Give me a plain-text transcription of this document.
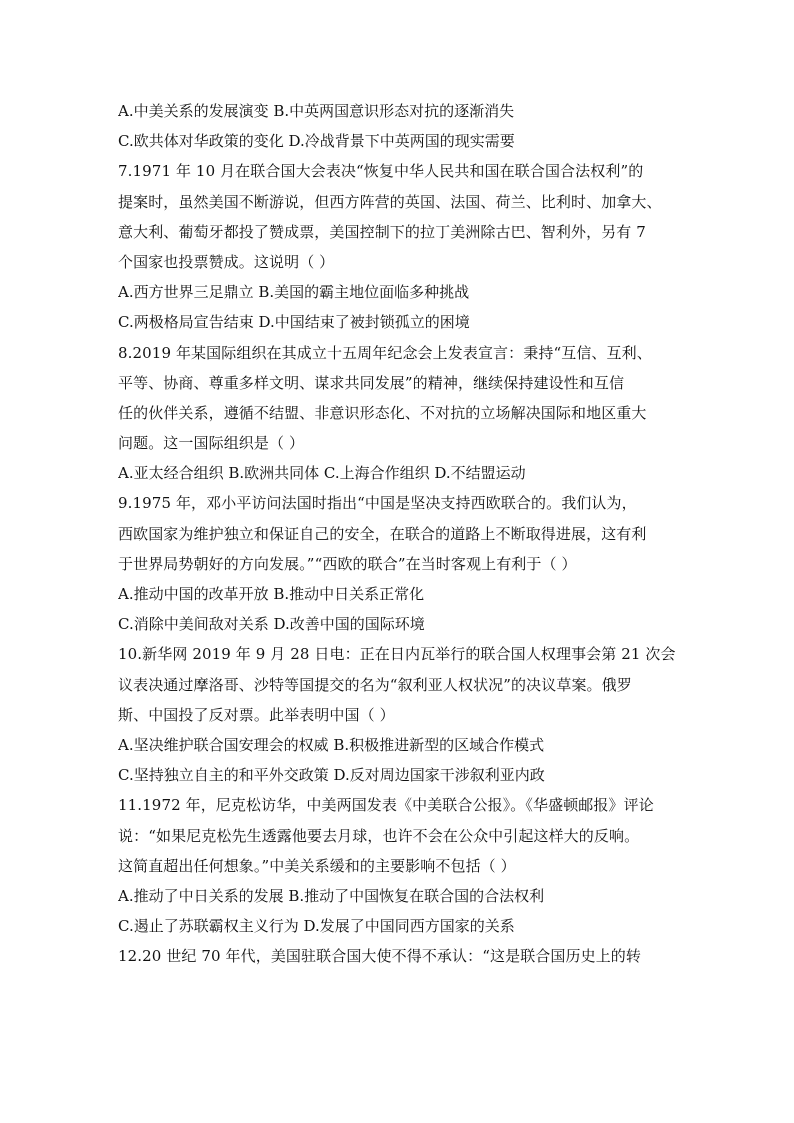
A.中美关系的发展演变 B.中英两国意识形态对抗的逐渐消失
C.欧共体对华政策的变化 D.冷战背景下中英两国的现实需要
7.1971 年 10 月在联合国大会表决“恢复中华人民共和国在联合国合法权利”的
提案时，虽然美国不断游说，但西方阵营的英国、法国、荷兰、比利时、加拿大、
意大利、葡萄牙都投了赞成票，美国控制下的拉丁美洲除古巴、智利外，另有 7
个国家也投票赞成。这说明（ ）
A.西方世界三足鼎立 B.美国的霸主地位面临多种挑战
C.两极格局宣告结束 D.中国结束了被封锁孤立的困境
8.2019 年某国际组织在其成立十五周年纪念会上发表宣言：秉持“互信、互利、
平等、协商、尊重多样文明、谋求共同发展”的精神，继续保持建设性和互信
任的伙伴关系，遵循不结盟、非意识形态化、不对抗的立场解决国际和地区重大
问题。这一国际组织是（ ）
A.亚太经合组织 B.欧洲共同体 C.上海合作组织 D.不结盟运动
9.1975 年，邓小平访问法国时指出“中国是坚决支持西欧联合的。我们认为，
西欧国家为维护独立和保证自己的安全，在联合的道路上不断取得进展，这有利
于世界局势朝好的方向发展。”“西欧的联合”在当时客观上有利于（ ）
A.推动中国的改革开放 B.推动中日关系正常化
C.消除中美间敌对关系 D.改善中国的国际环境
10.新华网 2019 年 9 月 28 日电：正在日内瓦举行的联合国人权理事会第 21 次会
议表决通过摩洛哥、沙特等国提交的名为“叙利亚人权状况”的决议草案。俄罗
斯、中国投了反对票。此举表明中国（ ）
A.坚决维护联合国安理会的权威 B.积极推进新型的区域合作模式
C.坚持独立自主的和平外交政策 D.反对周边国家干涉叙利亚内政
11.1972 年，尼克松访华，中美两国发表《中美联合公报》。《华盛顿邮报》评论
说：“如果尼克松先生透露他要去月球，也许不会在公众中引起这样大的反响。
这简直超出任何想象。”中美关系缓和的主要影响不包括（ ）
A.推动了中日关系的发展 B.推动了中国恢复在联合国的合法权利
C.遏止了苏联霸权主义行为 D.发展了中国同西方国家的关系
12.20 世纪 70 年代，美国驻联合国大使不得不承认：“这是联合国历史上的转
